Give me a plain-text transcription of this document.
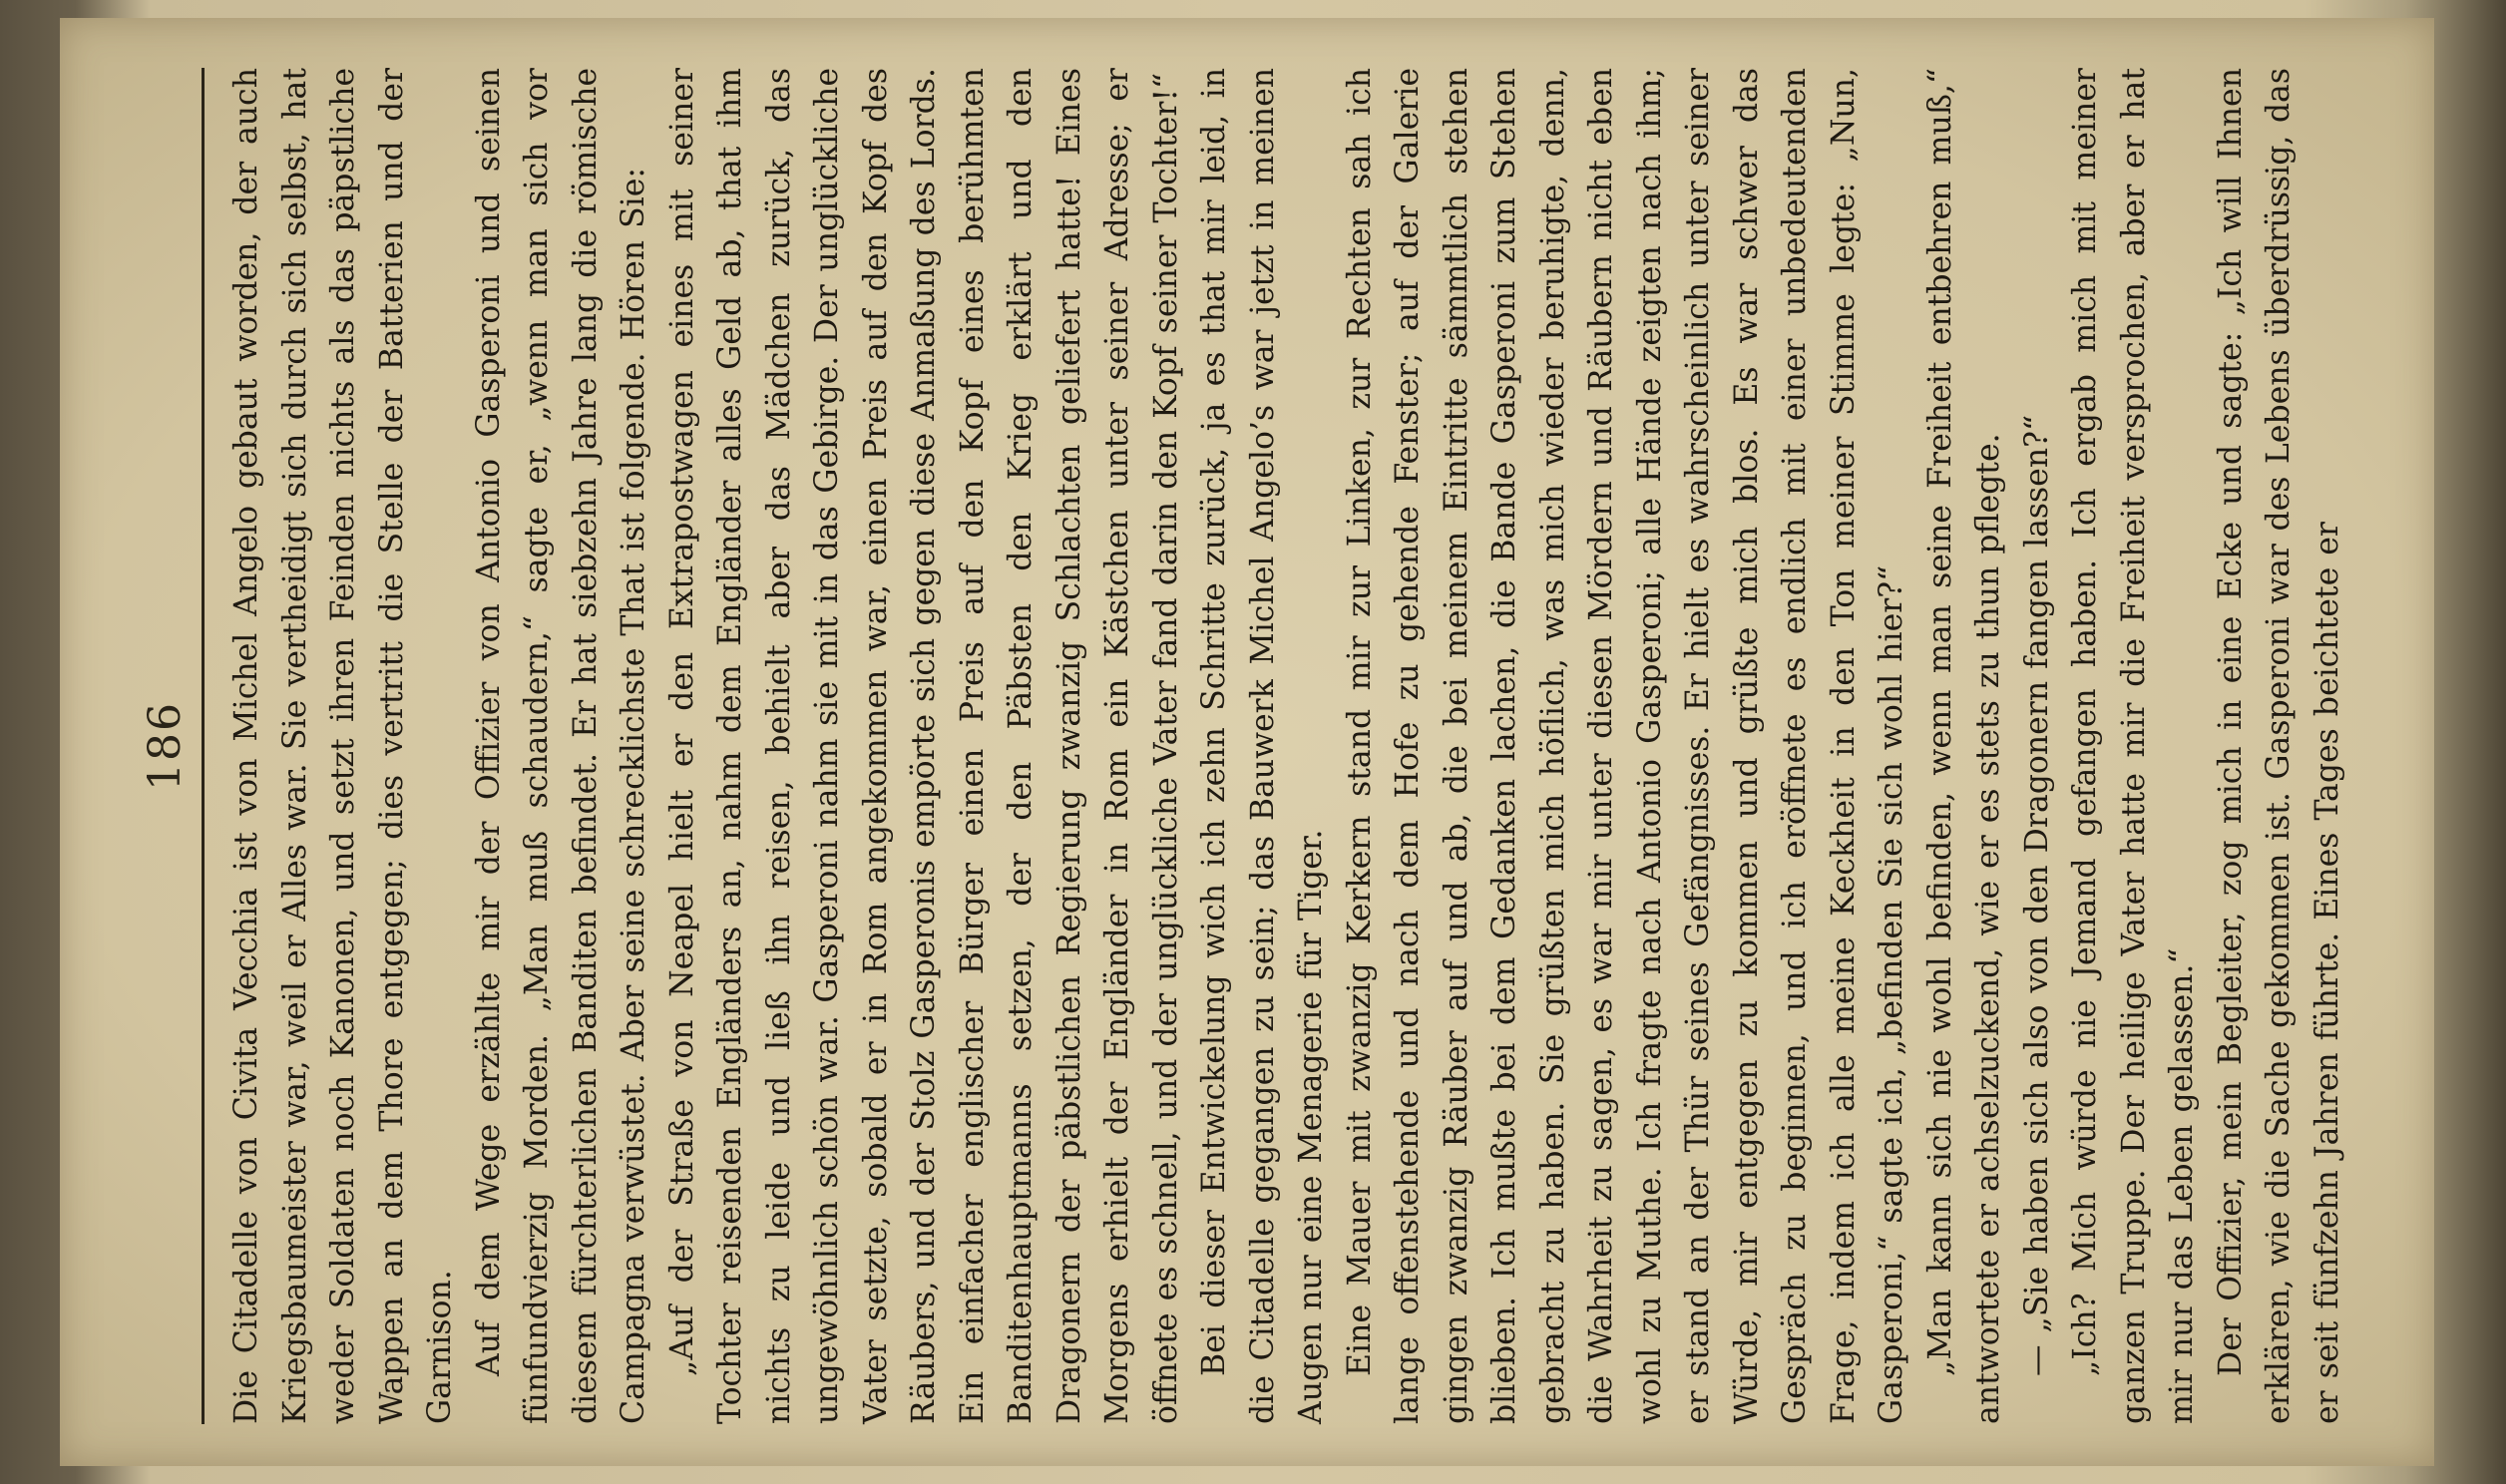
186 Die Citadelle von Civita Vecchia ist von Michel Angelo gebaut worden, der auch Kriegsbaumeister war, weil er Alles war. Sie vertheidigt sich durch sich selbst, hat weder Soldaten noch Kanonen, und setzt ihren Feinden nichts als das päpstliche Wappen an dem Thore entgegen; dies vertritt die Stelle der Batterien und der Garnison. Auf dem Wege erzählte mir der Offizier von Antonio Gasperoni und seinen fünfundvierzig Morden. „Man muß schaudern,“ sagte er, „wenn man sich vor diesem fürchterlichen Banditen befindet. Er hat siebzehn Jahre lang die römische Campagna verwüstet. Aber seine schrecklichste That ist folgende. Hören Sie: „Auf der Straße von Neapel hielt er den Extrapostwagen eines mit seiner Tochter reisenden Engländers an, nahm dem Engländer alles Geld ab, that ihm nichts zu leide und ließ ihn reisen, behielt aber das Mädchen zurück, das ungewöhnlich schön war. Gasperoni nahm sie mit in das Gebirge. Der unglückliche Vater setzte, sobald er in Rom angekommen war, einen Preis auf den Kopf des Räubers, und der Stolz Gasperonis empörte sich gegen diese Anmaßung des Lords. Ein einfacher englischer Bürger einen Preis auf den Kopf eines berühmten Banditenhauptmanns setzen, der den Päbsten den Krieg erklärt und den Dragonern der päbstlichen Regierung zwanzig Schlachten geliefert hatte! Eines Morgens erhielt der Engländer in Rom ein Kästchen unter seiner Adresse; er öffnete es schnell, und der unglückliche Vater fand darin den Kopf seiner Tochter!“ Bei dieser Entwickelung wich ich zehn Schritte zurück, ja es that mir leid, in die Citadelle gegangen zu sein; das Bauwerk Michel Angelo’s war jetzt in meinen Augen nur eine Menagerie für Tiger. Eine Mauer mit zwanzig Kerkern stand mir zur Linken, zur Rechten sah ich lange offenstehende und nach dem Hofe zu gehende Fenster; auf der Galerie gingen zwanzig Räuber auf und ab, die bei meinem Eintritte sämmtlich stehen blieben. Ich mußte bei dem Gedanken lachen, die Bande Gasperoni zum Stehen gebracht zu haben. Sie grüßten mich höflich, was mich wieder beruhigte, denn, die Wahrheit zu sagen, es war mir unter diesen Mördern und Räubern nicht eben wohl zu Muthe. Ich fragte nach Antonio Gasperoni; alle Hände zeigten nach ihm; er stand an der Thür seines Gefängnisses. Er hielt es wahrscheinlich unter seiner Würde, mir entgegen zu kommen und grüßte mich blos. Es war schwer das Gespräch zu beginnen, und ich eröffnete es endlich mit einer unbedeutenden Frage, indem ich alle meine Keckheit in den Ton meiner Stimme legte: „Nun, Gasperoni,“ sagte ich, „befinden Sie sich wohl hier?“ „Man kann sich nie wohl befinden, wenn man seine Freiheit entbehren muß,“ antwortete er achselzuckend, wie er es stets zu thun pflegte. — „Sie haben sich also von den Dragonern fangen lassen?“ „Ich? Mich würde nie Jemand gefangen haben. Ich ergab mich mit meiner ganzen Truppe. Der heilige Vater hatte mir die Freiheit versprochen, aber er hat mir nur das Leben gelassen.“ Der Offizier, mein Begleiter, zog mich in eine Ecke und sagte: „Ich will Ihnen erklären, wie die Sache gekommen ist. Gasperoni war des Lebens überdrüssig, das er seit fünfzehn Jahren führte. Eines Tages beichtete er
